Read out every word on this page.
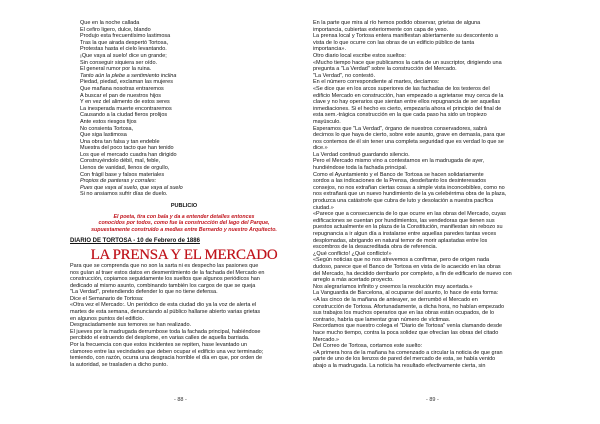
Que en la noche callada
El cefiro ligero, dulce, blando
Produjo esta frecuentísimo lastimosa
Tras la que airada despertó Tortosa,
Protestas hasta el cielo levantando.
¡Que vaya al suelo! dice un grande;
Sin conseguir siquiera ser oído.
El general rumor por la ruina.
Tanto aún la plebe a sentimiento inclina
Piedad, piedad, exclaman las mujeres
Que mañana nosotras entraremos
A buscar el pan de nuestros hijos
Y en vez del alimento de estos seres
La inesperada muerte encontraremos
Causando a la ciudad fieros prolijos
Ante estos riesgos fijos
No consienta Tortosa,
Que siga lastimosa
Una obra tan falsa y tan endeble
Muestra del poco tacto que han tenido
Los que el mercado cuadra han dirigido
Construyéndolo débil, mal, feble,
Llenos de vanidad, llenos de orgullo,
Con frágil base y falsos materiales
Propios de panteras y corrales:
Pues que vaya al suelo, que vaya al suelo
Si no ansiamos sufrir días de duelo.
PUBLICIO
El poeta, tira con bala y da a entender detalles entonces
conocidos por todos, como fue la construcción del lago del Parque,
supuestamente construido a medias entre Bernardo y nuestro Arquitecto.
DIARIO DE TORTOSA - 10 de Febrero de 1886
LA PRENSA Y EL MERCADO
Para que se comprenda que no son la sarta ni es despecho las pasiones que
nos guían al traer estos datos en desmentimiento de la fachada del Mercado en
construcción, copiamos seguidamente los sueltos que algunos periódicos han
dedicado al mismo asunto, combinando también los cargos de que se queja
"La Verdad", pretendiendo defender lo que no tiene defensa.
Dice el Semanario de Tortosa:
«Otra vez el Mercado:. Un periódico de esta ciudad dio ya la voz de alerta el
martes de esta semana, denunciando al público hallarse abierto varias grietas
en algunos puntos del edificio.
Desgraciadamente sus temores se han realizado.
El jueves por la madrugada derrumbose toda la fachada principal, habiéndose
percibido el estruendo del desplome, en varias calles de aquella barriada.
Por la frecuencia con que estos incidentes se repiten, hase levantado un
clamoreo entre las vecindades que deben ocupar el edificio una vez terminado;
temiendo, con razón, ocurra una desgracia horrible el día en que, por orden de
la autoridad, se trasladen a dicho punto.
En la parte que mira al río hemos podido observar, grietas de alguna
importancia, cubiertas exteriormente con capa de yeso.
La prensa local y Tortosa entera manifiestan abiertamente su descontento a
vista de lo que ocurre con las obras de un edificio público de tanta
importancia».
Otro diario local escribe estos sueltos:
«Mucho tiempo hace que publicamos la carta de un suscriptor, dirigiendo una
pregunta a "La Verdad" sobre la construcción del Mercado.
"La Verdad", no contestó.
En el número correspondiente al martes, decíamos:
«Se dice que en los arcos superiores de las fachadas de los testeros del
edificio Mercado en construcción, han empezado a agrietarse muy cerca de la
clave y no hay operarios que sientan entre ellos repugnancia de ser aquellas
inmediaciones. Si el hecho es cierto, empezaría ahora el principio del final de
esta sem.-trágica construcción en la que cada paso ha sido un tropiezo
mayúsculo.
Esperamos que "La Verdad", órgano de nuestros conservadores, sabrá
decirnos lo que haya de cierto, sobre este asunto, grave en demasía, para que
nos contemos de él sin tener una completa seguridad que es verdad lo que se
dice.»
La Verdad continuó guardando silencio.
Pero el Mercado mismo vino a contestarnos en la madrugada de ayer,
hundiéndose toda la fachada principal.
Como el Ayuntamiento y el Banco de Tortosa se hacen solidariamente
sordos a las indicaciones de la Prensa, desde/tanto los desinteresados
consejos, no nos extrañan ciertas cosas a simple vista inconcebibles, como no
nos extrañará que un nuevo hundimiento de la ya celebérrima obra de la plaza,
produzca una catástrofe que cubra de luto y desolación a nuestra pacífica
ciudad.»
«Parece que a consecuencia de lo que ocurre en las obras del Mercado, cuyas
edificaciones se cuentan por hundimientos, las vendedoras que tienen sus
puestos actualmente en la plaza de la Constitución, manifiestan sin rebozo su
repugnancia a ir algun día a instalarse entre aquellas paredes tantas veces
desplomadas, abrigando en natural temor de morir aplastadas entre los
escombros de la desacreditada obra de referencia.
¿Qué conflicto! ¿Qué conflicto!»
«Según noticias que no nos atrevemos a confirmar, pero de origen nada
dudoso, parece que el Banco de Tortosa en vista de lo acaecido en las obras
del Mercado, ha decidido derribarlo por completo, a fin de edificarlo de nuevo con
arreglo a más acertado proyecto.
Nos alegraríamos infinito y creemos la resolución muy acertada.»
La Vanguardia de Barcelona, al ocuparse del asunto, lo hace de esta forma:
«A las cinco de la mañana de anteayer, se derrumbó el Mercado en
construcción de Tortosa. Afortunadamente, a dicha hora, no habían empezado
sus trabajos los muchos operarios que en las obras están ocupados, de lo
contrario, habría que lamentar gran número de víctimas.
Recordamos que nuestro colega el "Diario de Tortosa" venía clamando desde
hace mucho tiempo, contra la poca solidez que ofrecían las obras del citado
Mercado.»
Del Correo de Tortosa, cortamos este suelto:
«A primera hora de la mañana ha comenzado a circular la noticia de que gran
parte de uno de los lienzos de pared del mercado de esta, se había venido
abajo a la madrugada. La noticia ha resultado efectivamente cierta, sin
- 88 -	- 89 -
